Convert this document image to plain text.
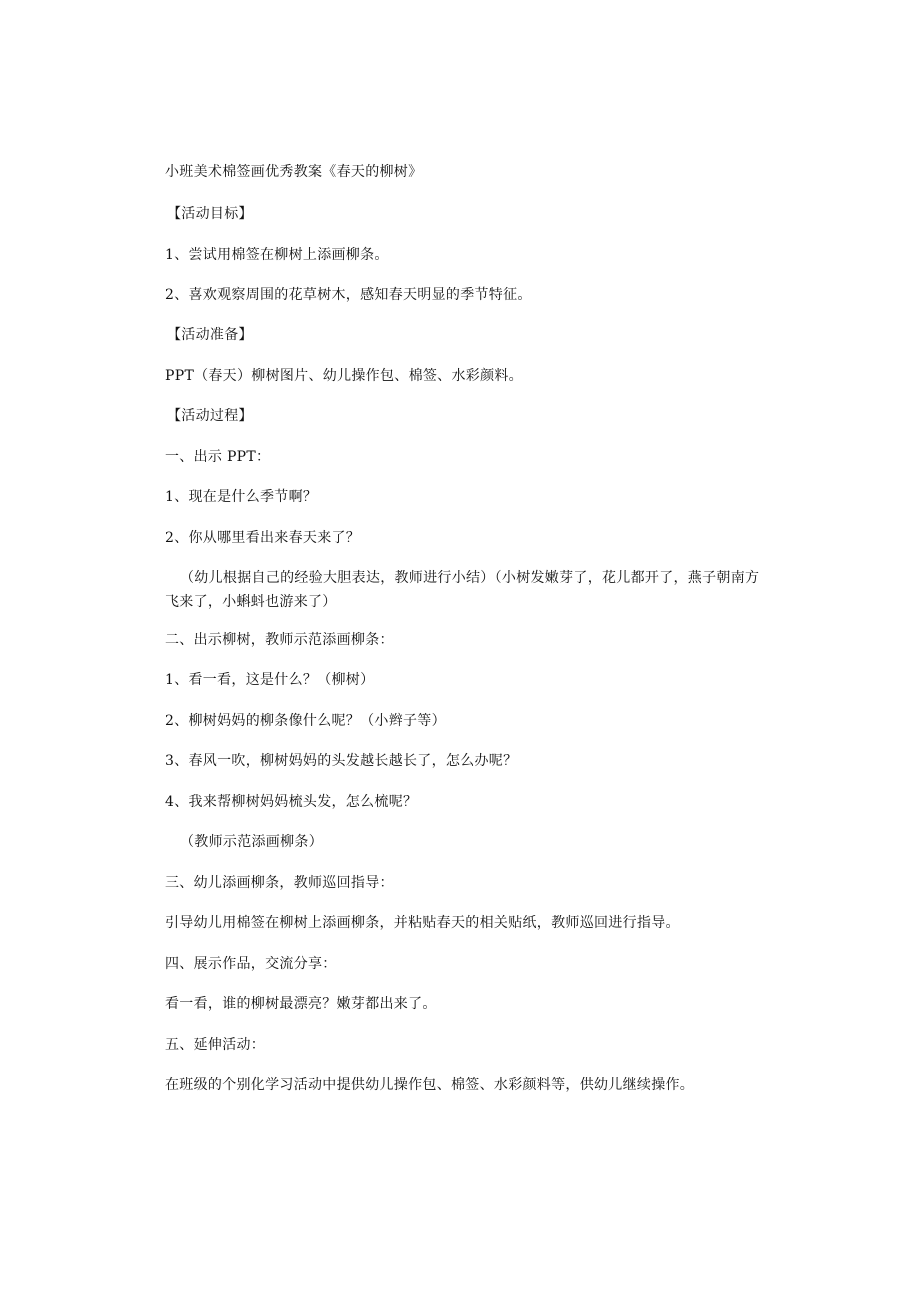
小班美术棉签画优秀教案《春天的柳树》
【活动目标】
1、尝试用棉签在柳树上添画柳条。
2、喜欢观察周围的花草树木，感知春天明显的季节特征。
【活动准备】
PPT（春天）柳树图片、幼儿操作包、棉签、水彩颜料。
【活动过程】
一、出示 PPT：
1、现在是什么季节啊？
2、你从哪里看出来春天来了？
（幼儿根据自己的经验大胆表达，教师进行小结）（小树发嫩芽了，花儿都开了，燕子朝南方飞来了，小蝌蚪也游来了）
二、出示柳树，教师示范添画柳条：
1、看一看，这是什么？（柳树）
2、柳树妈妈的柳条像什么呢？（小辫子等）
3、春风一吹，柳树妈妈的头发越长越长了，怎么办呢？
4、我来帮柳树妈妈梳头发，怎么梳呢？
（教师示范添画柳条）
三、幼儿添画柳条，教师巡回指导：
引导幼儿用棉签在柳树上添画柳条，并粘贴春天的相关贴纸，教师巡回进行指导。
四、展示作品，交流分享：
看一看，谁的柳树最漂亮？嫩芽都出来了。
五、延伸活动：
在班级的个别化学习活动中提供幼儿操作包、棉签、水彩颜料等，供幼儿继续操作。
